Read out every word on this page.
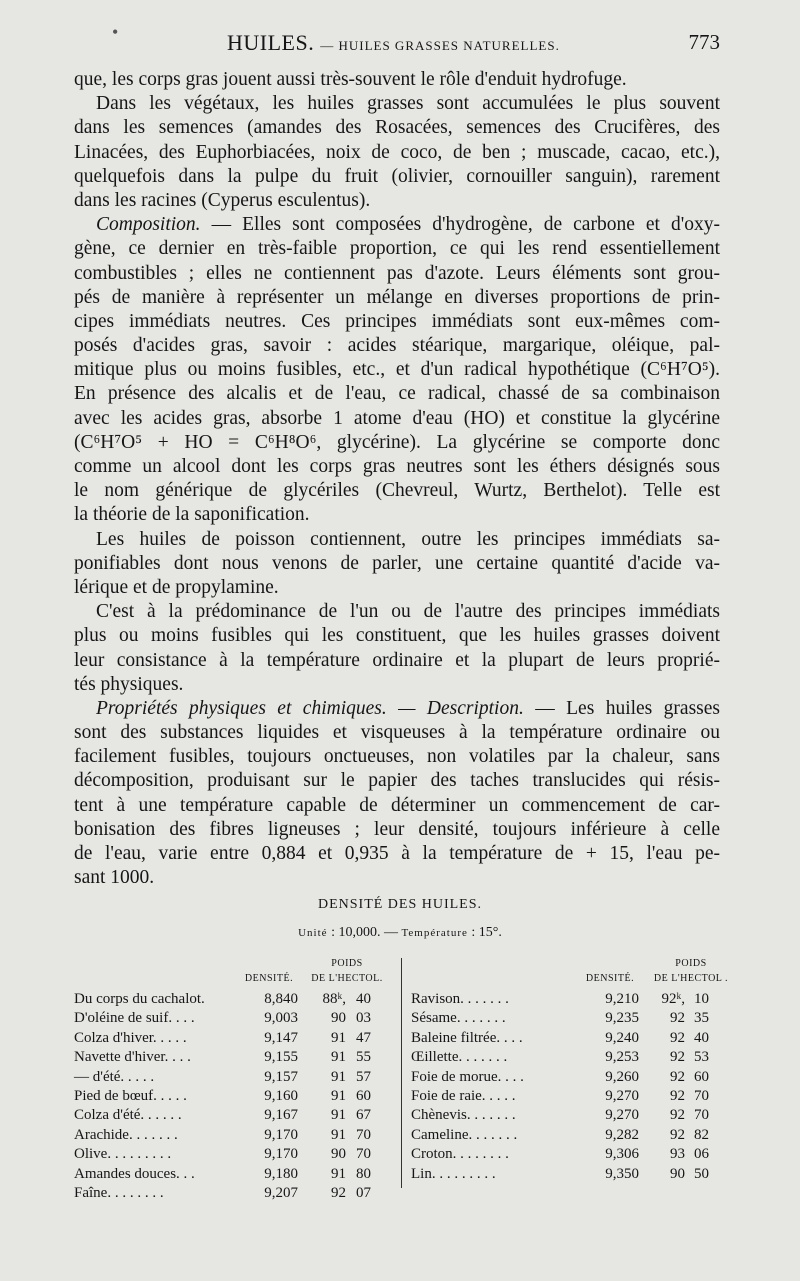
•	HUILES. — HUILES GRASSES NATURELLES.	773
que, les corps gras jouent aussi très-souvent le rôle d'enduit hydrofuge.
Dans les végétaux, les huiles grasses sont accumulées le plus souvent
dans les semences (amandes des Rosacées, semences des Crucifères, des
Linacées, des Euphorbiacées, noix de coco, de ben ; muscade, cacao, etc.),
quelquefois dans la pulpe du fruit (olivier, cornouiller sanguin), rarement
dans les racines (Cyperus esculentus).
Composition. — Elles sont composées d'hydrogène, de carbone et d'oxy-
gène, ce dernier en très-faible proportion, ce qui les rend essentiellement
combustibles ; elles ne contiennent pas d'azote. Leurs éléments sont grou-
pés de manière à représenter un mélange en diverses proportions de prin-
cipes immédiats neutres. Ces principes immédiats sont eux-mêmes com-
posés d'acides gras, savoir : acides stéarique, margarique, oléique, pal-
mitique plus ou moins fusibles, etc., et d'un radical hypothétique (C⁶H⁷O⁵).
En présence des alcalis et de l'eau, ce radical, chassé de sa combinaison
avec les acides gras, absorbe 1 atome d'eau (HO) et constitue la glycérine
(C⁶H⁷O⁵ + HO = C⁶H⁸O⁶, glycérine). La glycérine se comporte donc
comme un alcool dont les corps gras neutres sont les éthers désignés sous
le nom générique de glycériles (Chevreul, Wurtz, Berthelot). Telle est
la théorie de la saponification.
Les huiles de poisson contiennent, outre les principes immédiats sa-
ponifiables dont nous venons de parler, une certaine quantité d'acide va-
lérique et de propylamine.
C'est à la prédominance de l'un ou de l'autre des principes immédiats
plus ou moins fusibles qui les constituent, que les huiles grasses doivent
leur consistance à la température ordinaire et la plupart de leurs proprié-
tés physiques.
Propriétés physiques et chimiques. — Description. — Les huiles grasses
sont des substances liquides et visqueuses à la température ordinaire ou
facilement fusibles, toujours onctueuses, non volatiles par la chaleur, sans
décomposition, produisant sur le papier des taches translucides qui résis-
tent à une température capable de déterminer un commencement de car-
bonisation des fibres ligneuses ; leur densité, toujours inférieure à celle
de l'eau, varie entre 0,884 et 0,935 à la température de + 15, l'eau pe-
sant 1000.
DENSITÉ DES HUILES.
Unité : 10,000. — Température : 15°.
POIDS
DENSITÉ.	DE L'HECTOL.
Du corps du cachalot.	8,840	88ᵏ, 40
D'oléine de suif. . . .	9,003	90 03
Colza d'hiver. . . . .	9,147	91 47
Navette d'hiver. . . .	9,155	91 55
— d'été. . . . .	9,157	91 57
Pied de bœuf. . . . .	9,160	91 60
Colza d'été. . . . . .	9,167	91 67
Arachide. . . . . . .	9,170	91 70
Olive. . . . . . . . .	9,170	90 70
Amandes douces. . .	9,180	91 80
Faîne. . . . . . . .	9,207	92 07
POIDS
DENSITÉ.	DE L'HECTOL .
Ravison. . . . . . .	9,210	92ᵏ, 10
Sésame. . . . . . .	9,235	92 35
Baleine filtrée. . . .	9,240	92 40
Œillette. . . . . . .	9,253	92 53
Foie de morue. . . .	9,260	92 60
Foie de raie. . . . .	9,270	92 70
Chènevis. . . . . . .	9,270	92 70
Cameline. . . . . . .	9,282	92 82
Croton. . . . . . . .	9,306	93 06
Lin. . . . . . . . .	9,350	90 50
